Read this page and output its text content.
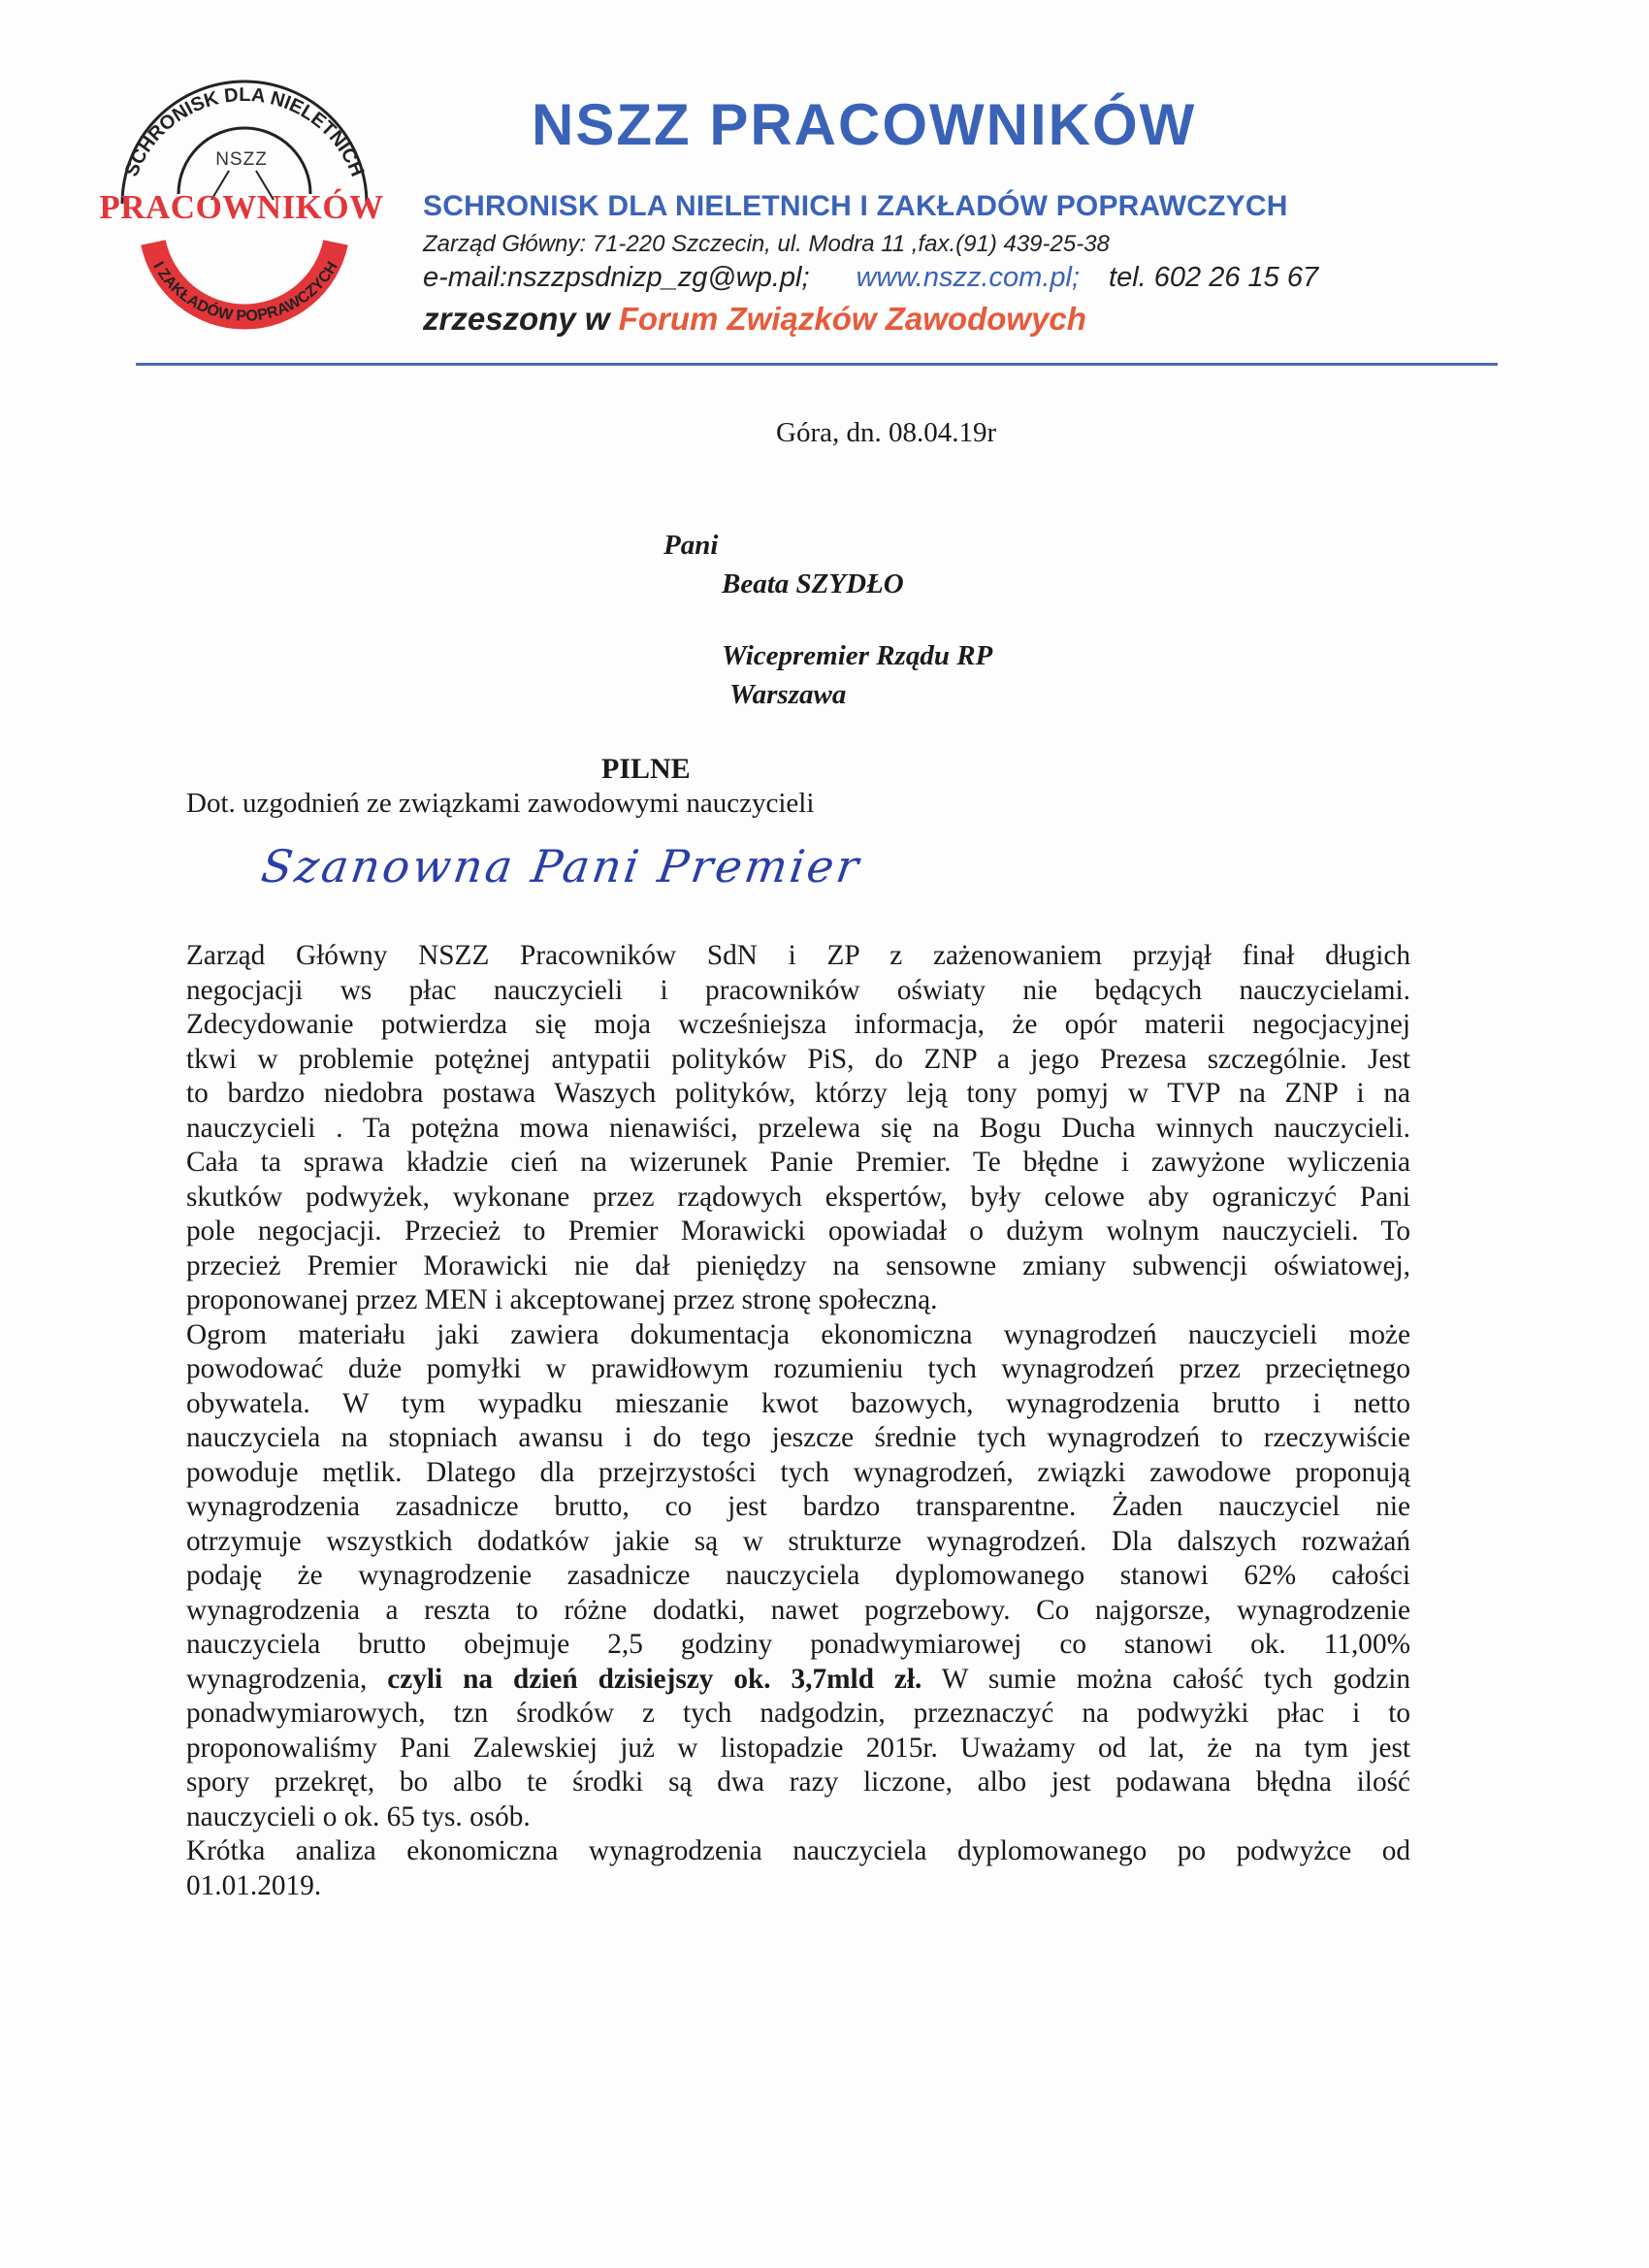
SCHRONISK DLA NIELETNICH
I ZAKŁADÓW POPRAWCZYCH
NSZZ
PRACOWNIKÓW
NSZZ PRACOWNIKÓW
SCHRONISK DLA NIELETNICH I ZAKŁADÓW POPRAWCZYCH
Zarząd Główny: 71-220 Szczecin, ul. Modra 11 ,fax.(91) 439-25-38
e-mail:nszzpsdnizp_zg@wp.pl; www.nszz.com.pl; tel. 602 26 15 67
zrzeszony w Forum Związków Zawodowych
Góra, dn. 08.04.19r
Pani
Beata SZYDŁO
Wicepremier Rządu RP
Warszawa
PILNE
Dot. uzgodnień ze związkami zawodowymi nauczycieli
Szanowna Pani Premier
Zarząd Główny NSZZ Pracowników SdN i ZP z zażenowaniem przyjął finał długich
negocjacji ws płac nauczycieli i pracowników oświaty nie będących nauczycielami.
Zdecydowanie potwierdza się moja wcześniejsza informacja, że opór materii negocjacyjnej
tkwi w problemie potężnej antypatii polityków PiS, do ZNP a jego Prezesa szczególnie. Jest
to bardzo niedobra postawa Waszych polityków, którzy leją tony pomyj w TVP na ZNP i na
nauczycieli . Ta potężna mowa nienawiści, przelewa się na Bogu Ducha winnych nauczycieli.
Cała ta sprawa kładzie cień na wizerunek Panie Premier. Te błędne i zawyżone wyliczenia
skutków podwyżek, wykonane przez rządowych ekspertów, były celowe aby ograniczyć Pani
pole negocjacji. Przecież to Premier Morawicki opowiadał o dużym wolnym nauczycieli. To
przecież Premier Morawicki nie dał pieniędzy na sensowne zmiany subwencji oświatowej,
proponowanej przez MEN i akceptowanej przez stronę społeczną.
Ogrom materiału jaki zawiera dokumentacja ekonomiczna wynagrodzeń nauczycieli może
powodować duże pomyłki w prawidłowym rozumieniu tych wynagrodzeń przez przeciętnego
obywatela. W tym wypadku mieszanie kwot bazowych, wynagrodzenia brutto i netto
nauczyciela na stopniach awansu i do tego jeszcze średnie tych wynagrodzeń to rzeczywiście
powoduje mętlik. Dlatego dla przejrzystości tych wynagrodzeń, związki zawodowe proponują
wynagrodzenia zasadnicze brutto, co jest bardzo transparentne. Żaden nauczyciel nie
otrzymuje wszystkich dodatków jakie są w strukturze wynagrodzeń. Dla dalszych rozważań
podaję że wynagrodzenie zasadnicze nauczyciela dyplomowanego stanowi 62% całości
wynagrodzenia a reszta to różne dodatki, nawet pogrzebowy. Co najgorsze, wynagrodzenie
nauczyciela brutto obejmuje 2,5 godziny ponadwymiarowej co stanowi ok. 11,00%
wynagrodzenia, czyli na dzień dzisiejszy ok. 3,7mld zł. W sumie można całość tych godzin
ponadwymiarowych, tzn środków z tych nadgodzin, przeznaczyć na podwyżki płac i to
proponowaliśmy Pani Zalewskiej już w listopadzie 2015r. Uważamy od lat, że na tym jest
spory przekręt, bo albo te środki są dwa razy liczone, albo jest podawana błędna ilość
nauczycieli o ok. 65 tys. osób.
Krótka analiza ekonomiczna wynagrodzenia nauczyciela dyplomowanego po podwyżce od
01.01.2019.
